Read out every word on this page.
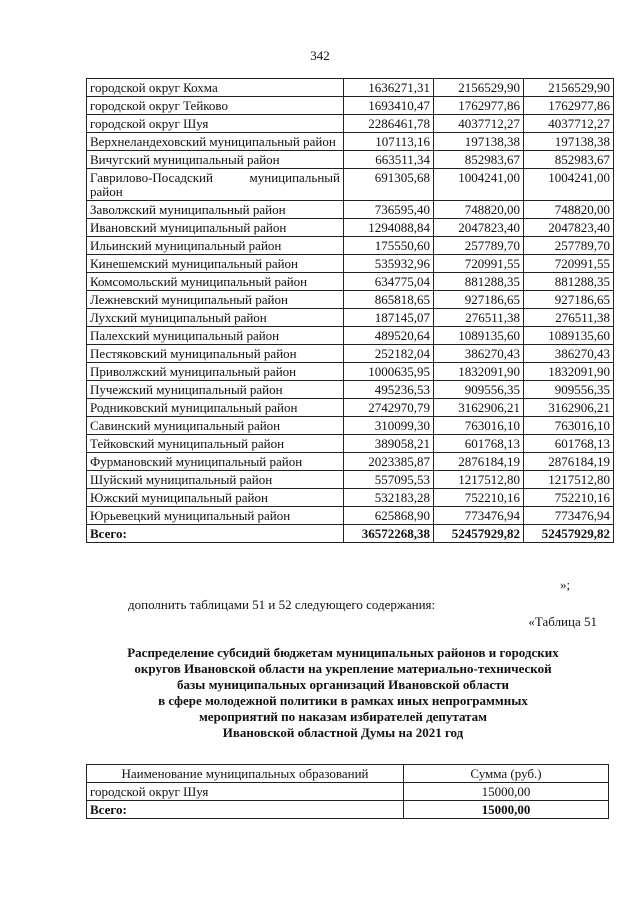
342
городской округ Кохма	1636271,31	2156529,90	2156529,90
городской округ Тейково	1693410,47	1762977,86	1762977,86
городской округ Шуя	2286461,78	4037712,27	4037712,27
Верхнеландеховский муниципальный район	107113,16	197138,38	197138,38
Вичугский муниципальный район	663511,34	852983,67	852983,67
Гаврилово-Посадский муниципальный район	691305,68	1004241,00	1004241,00
Заволжский муниципальный район	736595,40	748820,00	748820,00
Ивановский муниципальный район	1294088,84	2047823,40	2047823,40
Ильинский муниципальный район	175550,60	257789,70	257789,70
Кинешемский муниципальный район	535932,96	720991,55	720991,55
Комсомольский муниципальный район	634775,04	881288,35	881288,35
Лежневский муниципальный район	865818,65	927186,65	927186,65
Лухский муниципальный район	187145,07	276511,38	276511,38
Палехский муниципальный район	489520,64	1089135,60	1089135,60
Пестяковский муниципальный район	252182,04	386270,43	386270,43
Приволжский муниципальный район	1000635,95	1832091,90	1832091,90
Пучежский муниципальный район	495236,53	909556,35	909556,35
Родниковский муниципальный район	2742970,79	3162906,21	3162906,21
Савинский муниципальный район	310099,30	763016,10	763016,10
Тейковский муниципальный район	389058,21	601768,13	601768,13
Фурмановский муниципальный район	2023385,87	2876184,19	2876184,19
Шуйский муниципальный район	557095,53	1217512,80	1217512,80
Южский муниципальный район	532183,28	752210,16	752210,16
Юрьевецкий муниципальный район	625868,90	773476,94	773476,94
Всего:	36572268,38	52457929,82	52457929,82
»;
дополнить таблицами 51 и 52 следующего содержания:
«Таблица 51
Распределение субсидий бюджетам муниципальных районов и городских
округов Ивановской области на укрепление материально-технической
базы муниципальных организаций Ивановской области
в сфере молодежной политики в рамках иных непрограммных
мероприятий по наказам избирателей депутатам
Ивановской областной Думы на 2021 год
Наименование муниципальных образований	Сумма (руб.)
городской округ Шуя	15000,00
Всего:	15000,00
